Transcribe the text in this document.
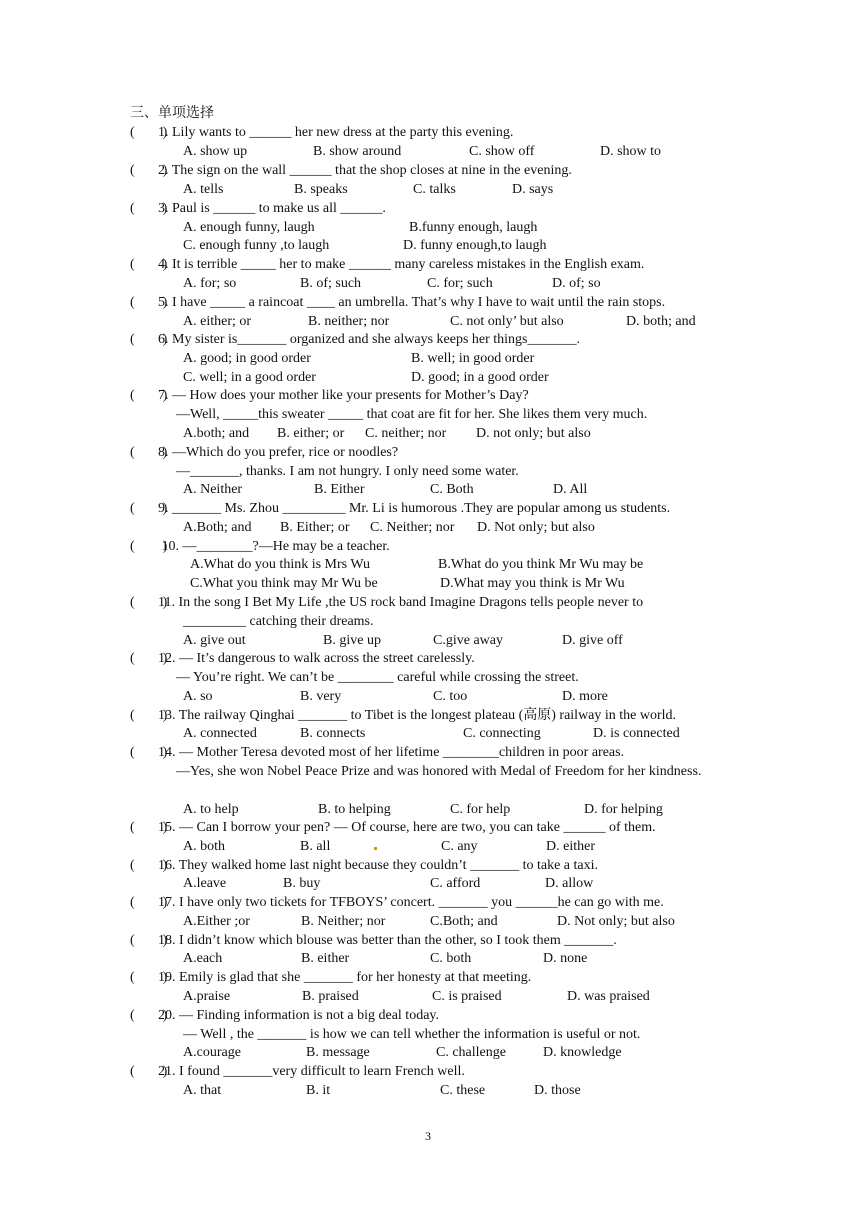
三、单项选择
(        )
1. Lily wants to ______ her new dress at the party this evening.
A. show up	B. show around	C. show off	D. show to
(        )
2. The sign on the wall ______ that the shop closes at nine in the evening.
A. tells	B. speaks	C. talks	D. says
(        )
3. Paul is ______ to make us all ______.
A. enough funny, laugh	B.funny enough, laugh
C. enough funny ,to laugh	D. funny enough,to laugh
(        )
4. It is terrible _____ her to make ______ many careless mistakes in the English exam.
A. for; so	B. of; such	C. for; such	D. of; so
(        )
5. I have _____ a raincoat ____ an umbrella. That’s why I have to wait until the rain stops.
A. either; or	B. neither; nor	C. not only’ but also	D. both; and
(        )
6. My sister is_______ organized and she always keeps her things_______.
A. good; in good order	B. well; in good order
C. well; in a good order	D. good; in a good order
(        )
7. — How does your mother like your presents for Mother’s Day?
—Well, _____this sweater _____ that coat are fit for her. She likes them very much.
A.both; and B. either; or C. neither; nor D. not only; but also
(        )
8. —Which do you prefer, rice or noodles?
—_______, thanks. I am not hungry. I only need some water.
A. Neither	B. Either	C. Both	D. All
(        )
9. _______ Ms. Zhou _________ Mr. Li is humorous .They are popular among us students.
A.Both; and B. Either; or C. Neither; nor D. Not only; but also
(        )
10. —________?—He may be a teacher.
A.What do you think is Mrs Wu	B.What do you think Mr Wu may be
C.What you think may Mr Wu be	D.What may you think is Mr Wu
(        )
11. In the song I Bet My Life ,the US rock band Imagine Dragons tells people never to
_________ catching their dreams.
A. give out	B. give up	C.give away	D. give off
(        )
12. — It’s dangerous to walk across the street carelessly.
— You’re right. We can’t be ________ careful while crossing the street.
A. so	B. very	C. too	D. more
(        )
13. The railway Qinghai _______ to Tibet is the longest plateau (高原) railway in the world.
A. connected	B. connects	C. connecting	D. is connected
(        )
14. — Mother Teresa devoted most of her lifetime ________children in poor areas.
—Yes, she won Nobel Peace Prize and was honored with Medal of Freedom for her kindness.
A. to help	B. to helping	C. for help	D. for helping
(        )
15. — Can I borrow your pen? — Of course, here are two, you can take ______ of them.
A. both	B. all	C. any	D. either
(        )
16. They walked home last night because they couldn’t _______ to take a taxi.
A.leave	B. buy	C. afford	D. allow
(        )
17. I have only two tickets for TFBOYS’ concert. _______ you ______he can go with me.
A.Either ;or	B. Neither; nor	C.Both; and	D. Not only; but also
(        )
18. I didn’t know which blouse was better than the other, so I took them _______.
A.each	B. either	C. both	D. none
(        )
19. Emily is glad that she _______ for her honesty at that meeting.
A.praise	B. praised	C. is praised	D. was praised
(        )
20. — Finding information is not a big deal today.
— Well , the _______ is how we can tell whether the information is useful or not.
A.courage	B. message	C. challenge	D. knowledge
(        )
21. I found _______very difficult to learn French well.
A. that	B. it	C. these	D. those
3
